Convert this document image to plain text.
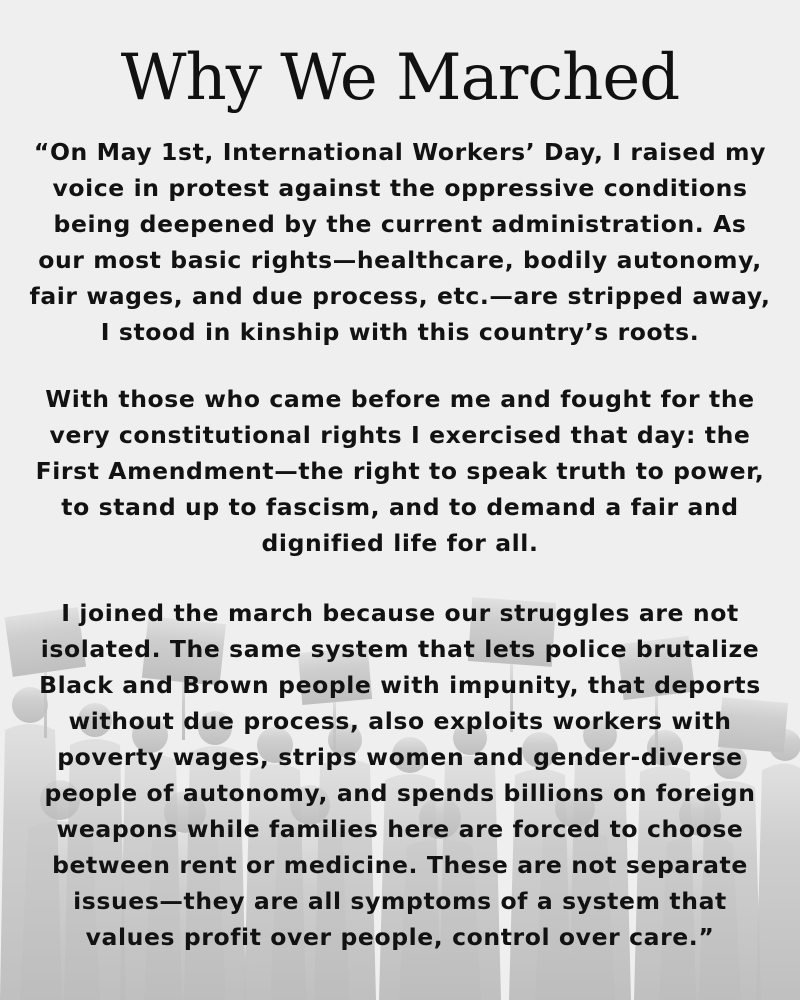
Why We Marched
“On May 1st, International Workers’ Day, I raised my
voice in protest against the oppressive conditions
being deepened by the current administration. As
our most basic rights—healthcare, bodily autonomy,
fair wages, and due process, etc.—are stripped away,
I stood in kinship with this country’s roots.
With those who came before me and fought for the
very constitutional rights I exercised that day: the
First Amendment—the right to speak truth to power,
to stand up to fascism, and to demand a fair and
dignified life for all.
I joined the march because our struggles are not
isolated. The same system that lets police brutalize
Black and Brown people with impunity, that deports
without due process, also exploits workers with
poverty wages, strips women and gender-diverse
people of autonomy, and spends billions on foreign
weapons while families here are forced to choose
between rent or medicine. These are not separate
issues—they are all symptoms of a system that
values profit over people, control over care.”
